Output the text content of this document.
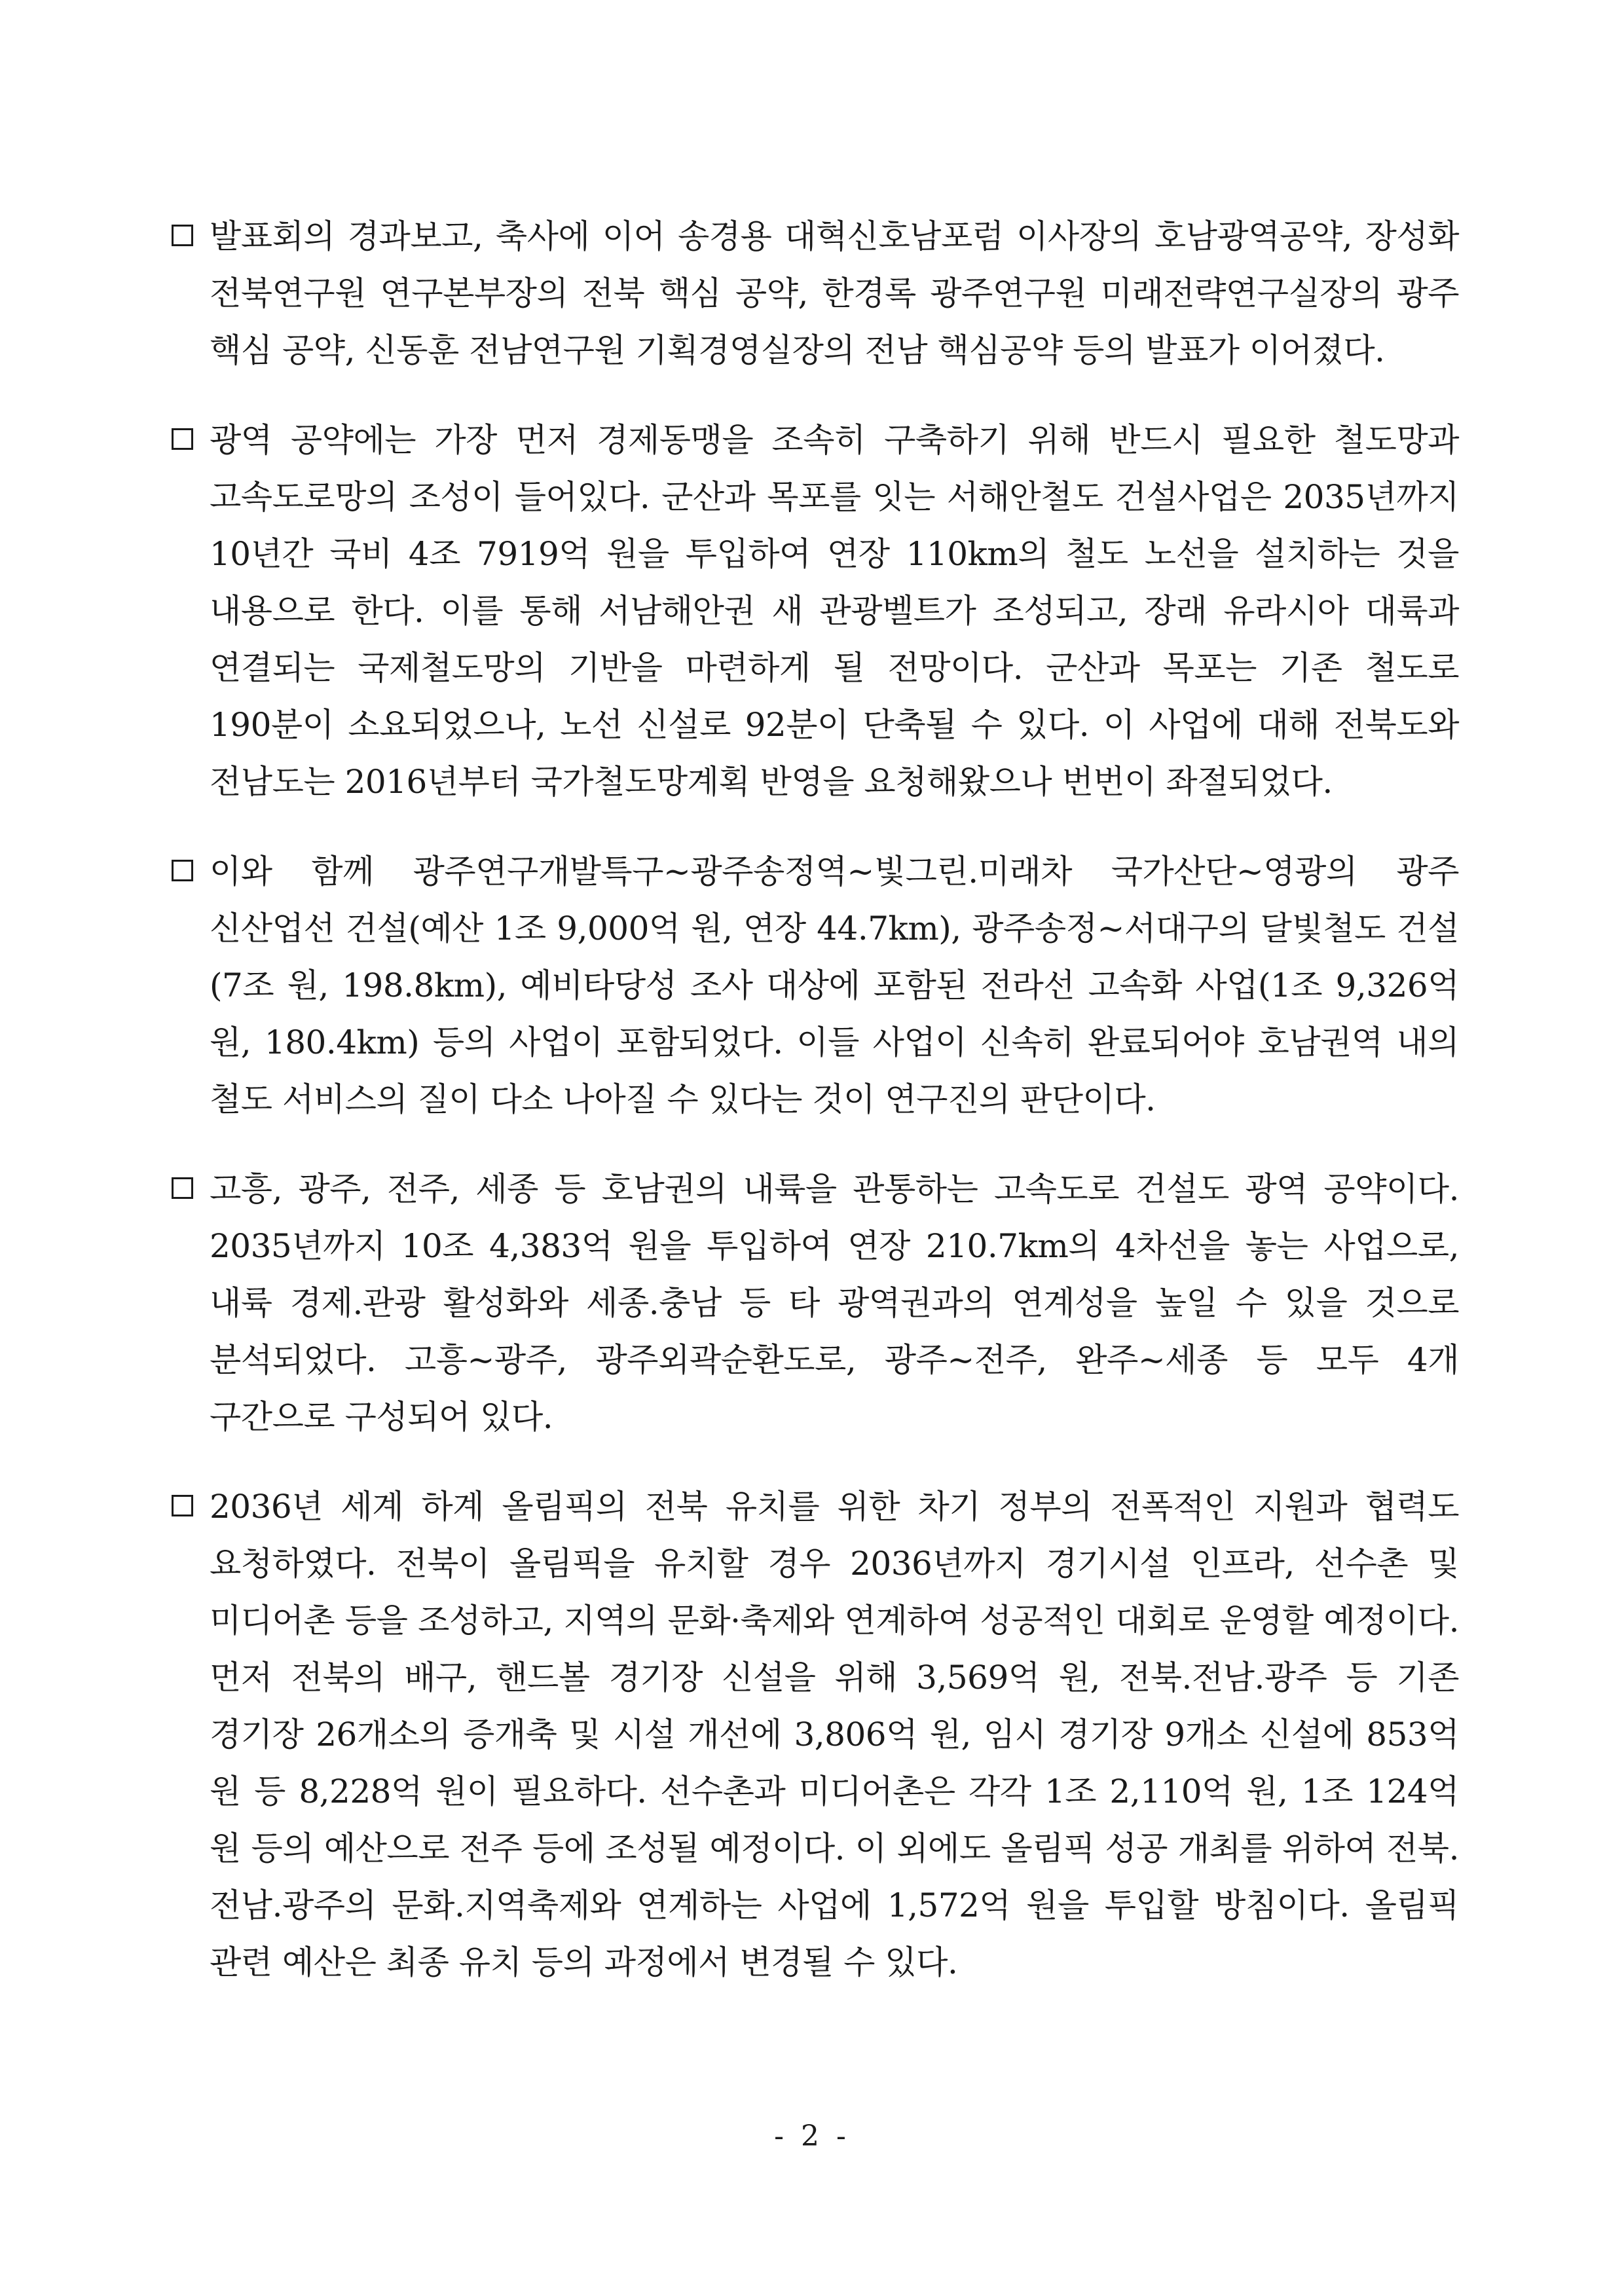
발표회의 경과보고, 축사에 이어 송경용 대혁신호남포럼 이사장의 호남광역공약, 장성화 전북연구원 연구본부장의 전북 핵심 공약, 한경록 광주연구원 미래전략연구실장의 광주 핵심 공약, 신동훈 전남연구원 기획경영실장의 전남 핵심공약 등의 발표가 이어졌다.

광역 공약에는 가장 먼저 경제동맹을 조속히 구축하기 위해 반드시 필요한 철도망과 고속도로망의 조성이 들어있다. 군산과 목포를 잇는 서해안철도 건설사업은 2035년까지 10년간 국비 4조 7919억 원을 투입하여 연장 110km의 철도 노선을 설치하는 것을 내용으로 한다. 이를 통해 서남해안권 새 관광벨트가 조성되고, 장래 유라시아 대륙과 연결되는 국제철도망의 기반을 마련하게 될 전망이다. 군산과 목포는 기존 철도로 190분이 소요되었으나, 노선 신설로 92분이 단축될 수 있다. 이 사업에 대해 전북도와 전남도는 2016년부터 국가철도망계획 반영을 요청해왔으나 번번이 좌절되었다.

이와 함께 광주연구개발특구~광주송정역~빛그린.미래차 국가산단~영광의 광주 신산업선 건설(예산 1조 9,000억 원, 연장 44.7km), 광주송정~서대구의 달빛철도 건설(7조 원, 198.8km), 예비타당성 조사 대상에 포함된 전라선 고속화 사업(1조 9,326억 원, 180.4km) 등의 사업이 포함되었다. 이들 사업이 신속히 완료되어야 호남권역 내의 철도 서비스의 질이 다소 나아질 수 있다는 것이 연구진의 판단이다.

고흥, 광주, 전주, 세종 등 호남권의 내륙을 관통하는 고속도로 건설도 광역 공약이다. 2035년까지 10조 4,383억 원을 투입하여 연장 210.7km의 4차선을 놓는 사업으로, 내륙 경제.관광 활성화와 세종.충남 등 타 광역권과의 연계성을 높일 수 있을 것으로 분석되었다. 고흥~광주, 광주외곽순환도로, 광주~전주, 완주~세종 등 모두 4개 구간으로 구성되어 있다.

2036년 세계 하계 올림픽의 전북 유치를 위한 차기 정부의 전폭적인 지원과 협력도 요청하였다. 전북이 올림픽을 유치할 경우 2036년까지 경기시설 인프라, 선수촌 및 미디어촌 등을 조성하고, 지역의 문화·축제와 연계하여 성공적인 대회로 운영할 예정이다. 먼저 전북의 배구, 핸드볼 경기장 신설을 위해 3,569억 원, 전북.전남.광주 등 기존 경기장 26개소의 증개축 및 시설 개선에 3,806억 원, 임시 경기장 9개소 신설에 853억 원 등 8,228억 원이 필요하다. 선수촌과 미디어촌은 각각 1조 2,110억 원, 1조 124억 원 등의 예산으로 전주 등에 조성될 예정이다. 이 외에도 올림픽 성공 개최를 위하여 전북.전남.광주의 문화.지역축제와 연계하는 사업에 1,572억 원을 투입할 방침이다. 올림픽 관련 예산은 최종 유치 등의 과정에서 변경될 수 있다.

- 2 -
